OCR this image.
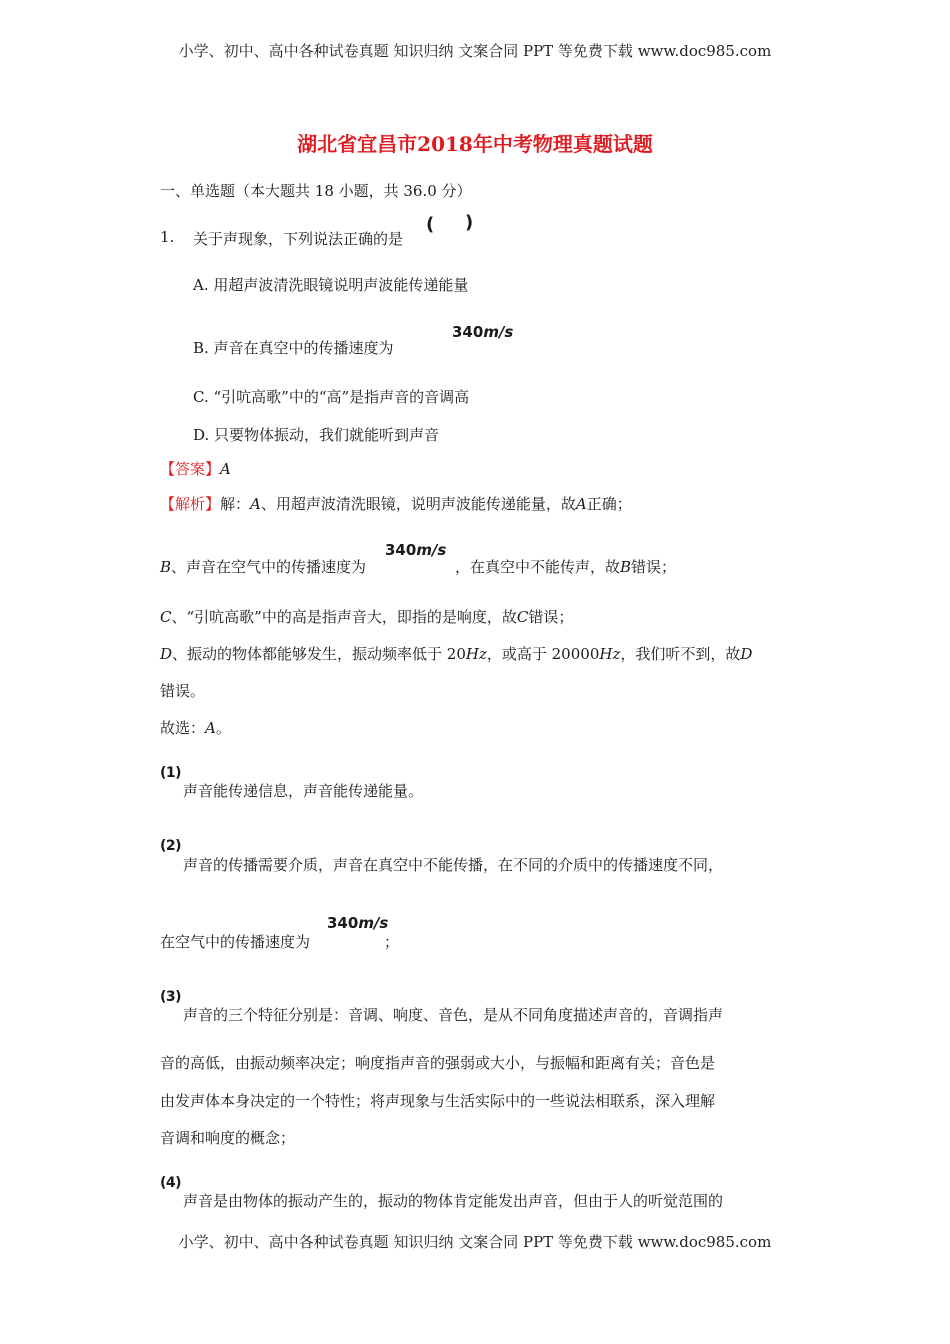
小学、初中、高中各种试卷真题 知识归纳 文案合同 PPT 等免费下载 www.doc985.com
小学、初中、高中各种试卷真题 知识归纳 文案合同 PPT 等免费下载 www.doc985.com
湖北省宜昌市2018年中考物理真题试题
一、单选题（本大题共 18 小题，共 36.0 分）
1. 关于声现象，下列说法正确的是
( )
A. 用超声波清洗眼镜说明声波能传递能量
B. 声音在真空中的传播速度为
340m/s
C. “引吭高歌”中的“高”是指声音的音调高
D. 只要物体振动，我们就能听到声音
【答案】A
【解析】解：A、用超声波清洗眼镜，说明声波能传递能量，故A正确；
B、声音在空气中的传播速度为
340m/s
，在真空中不能传声，故B错误；
C、“引吭高歌”中的高是指声音大，即指的是响度，故C错误；
D、振动的物体都能够发生，振动频率低于 20Hz，或高于 20000Hz，我们听不到，故D
错误。
故选：A。
(1)
声音能传递信息，声音能传递能量。
(2)
声音的传播需要介质，声音在真空中不能传播，在不同的介质中的传播速度不同，
在空气中的传播速度为
340m/s
；
(3)
声音的三个特征分别是：音调、响度、音色，是从不同角度描述声音的，音调指声
音的高低，由振动频率决定；响度指声音的强弱或大小，与振幅和距离有关；音色是
由发声体本身决定的一个特性；将声现象与生活实际中的一些说法相联系，深入理解
音调和响度的概念；
(4)
声音是由物体的振动产生的，振动的物体肯定能发出声音，但由于人的听觉范围的
